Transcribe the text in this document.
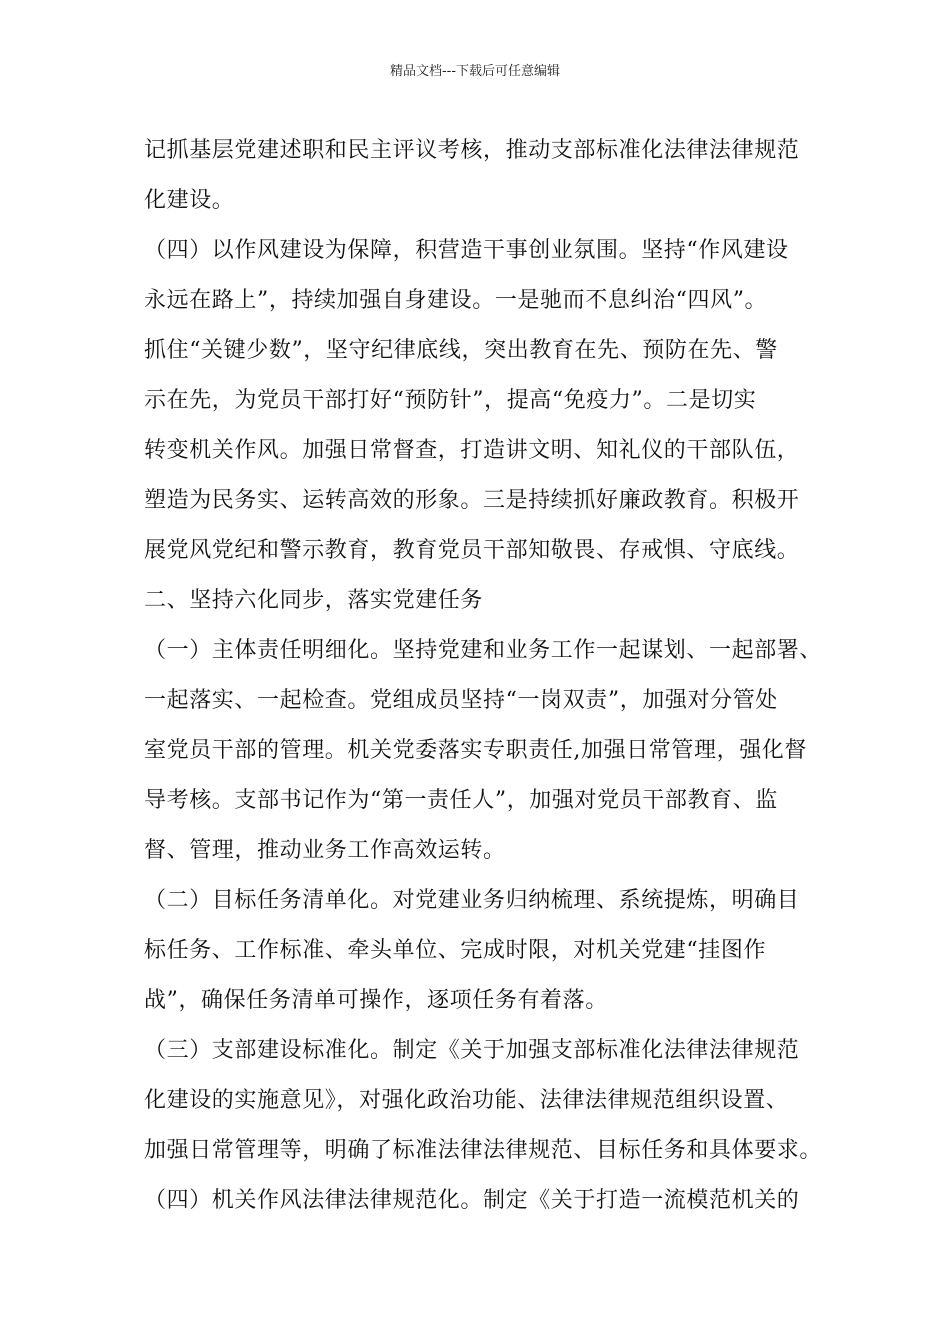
精品文档---下载后可任意编辑
记抓基层党建述职和民主评议考核，推动支部标准化法律法律规范
化建设。
（四）以作风建设为保障，积营造干事创业氛围。坚持“作风建设
永远在路上”，持续加强自身建设。一是驰而不息纠治“四风”。
抓住“关键少数”，坚守纪律底线，突出教育在先、预防在先、警
示在先，为党员干部打好“预防针”，提高“免疫力”。二是切实
转变机关作风。加强日常督查，打造讲文明、知礼仪的干部队伍，
塑造为民务实、运转高效的形象。三是持续抓好廉政教育。积极开
展党风党纪和警示教育，教育党员干部知敬畏、存戒惧、守底线。
二、坚持六化同步，落实党建任务
（一）主体责任明细化。坚持党建和业务工作一起谋划、一起部署、
一起落实、一起检查。党组成员坚持“一岗双责”，加强对分管处
室党员干部的管理。机关党委落实专职责任,加强日常管理，强化督
导考核。支部书记作为“第一责任人”，加强对党员干部教育、监
督、管理，推动业务工作高效运转。
（二）目标任务清单化。对党建业务归纳梳理、系统提炼，明确目
标任务、工作标准、牵头单位、完成时限，对机关党建“挂图作
战”，确保任务清单可操作，逐项任务有着落。
（三）支部建设标准化。制定《关于加强支部标准化法律法律规范
化建设的实施意见》，对强化政治功能、法律法律规范组织设置、
加强日常管理等，明确了标准法律法律规范、目标任务和具体要求。
（四）机关作风法律法律规范化。制定《关于打造一流模范机关的
